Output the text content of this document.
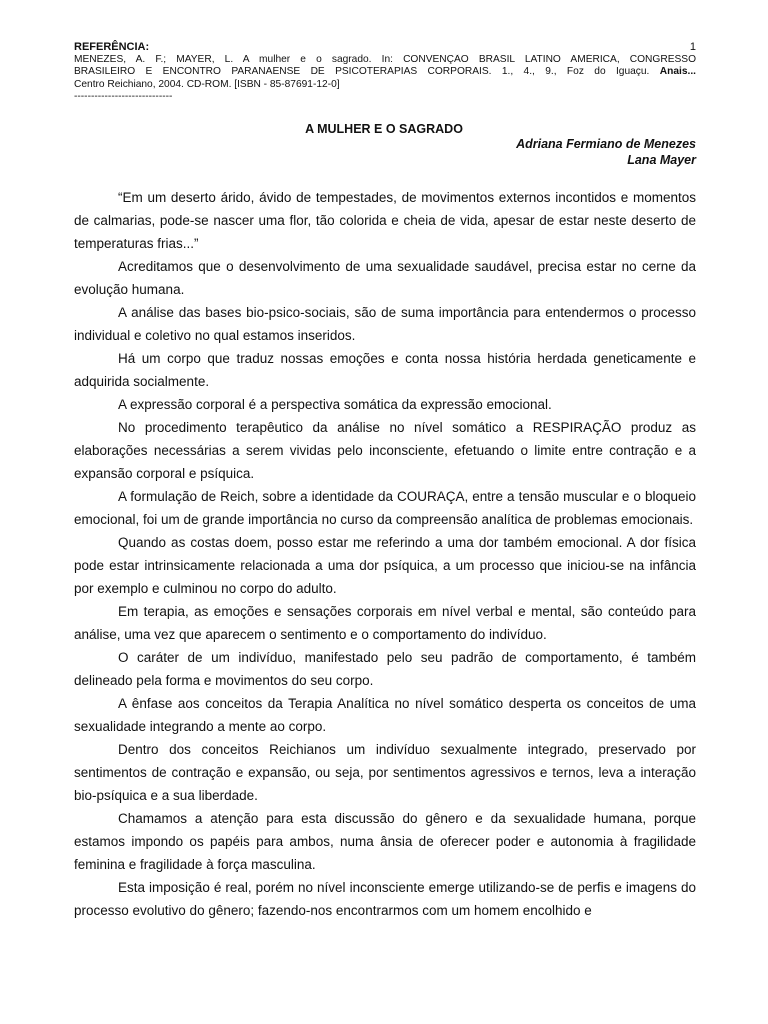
REFERÊNCIA:	1
MENEZES, A. F.; MAYER, L. A mulher e o sagrado. In: CONVENÇÃO BRASIL LATINO AMÉRICA, CONGRESSO
BRASILEIRO E ENCONTRO PARANAENSE DE PSICOTERAPIAS CORPORAIS. 1., 4., 9., Foz do Iguaçu. Anais...
Centro Reichiano, 2004. CD-ROM. [ISBN - 85-87691-12-0]
-----------------------------
A MULHER E O SAGRADO
Adriana Fermiano de Menezes
Lana Mayer

“Em um deserto árido, ávido de tempestades, de movimentos externos incontidos e momentos de calmarias, pode-se nascer uma flor, tão colorida e cheia de vida, apesar de estar neste deserto de temperaturas frias...”

Acreditamos que o desenvolvimento de uma sexualidade saudável, precisa estar no cerne da evolução humana.

A análise das bases bio-psico-sociais, são de suma importância para entendermos o processo individual e coletivo no qual estamos inseridos.

Há um corpo que traduz nossas emoções e conta nossa história herdada geneticamente e adquirida socialmente.

A expressão corporal é a perspectiva somática da expressão emocional.

No procedimento terapêutico da análise no nível somático a RESPIRAÇÃO produz as elaborações necessárias a serem vividas pelo inconsciente, efetuando o limite entre contração e a expansão corporal e psíquica.

A formulação de Reich, sobre a identidade da COURAÇA, entre a tensão muscular e o bloqueio emocional, foi um de grande importância no curso da compreensão analítica de problemas emocionais.

Quando as costas doem, posso estar me referindo a uma dor também emocional. A dor física pode estar intrinsicamente relacionada a uma dor psíquica, a um processo que iniciou-se na infância por exemplo e culminou no corpo do adulto.

Em terapia, as emoções e sensações corporais em nível verbal e mental, são conteúdo para análise, uma vez que aparecem o sentimento e o comportamento do indivíduo.

O caráter de um indivíduo, manifestado pelo seu padrão de comportamento, é também delineado pela forma e movimentos do seu corpo.

A ênfase aos conceitos da Terapia Analítica no nível somático desperta os conceitos de uma sexualidade integrando a mente ao corpo.

Dentro dos conceitos Reichianos um indivíduo sexualmente integrado, preservado por sentimentos de contração e expansão, ou seja, por sentimentos agressivos e ternos, leva a interação bio-psíquica e a sua liberdade.

Chamamos a atenção para esta discussão do gênero e da sexualidade humana, porque estamos impondo os papéis para ambos, numa ânsia de oferecer poder e autonomia à fragilidade feminina e fragilidade à força masculina.

Esta imposição é real, porém no nível inconsciente emerge utilizando-se de perfis e imagens do processo evolutivo do gênero; fazendo-nos encontrarmos com um homem encolhido e
